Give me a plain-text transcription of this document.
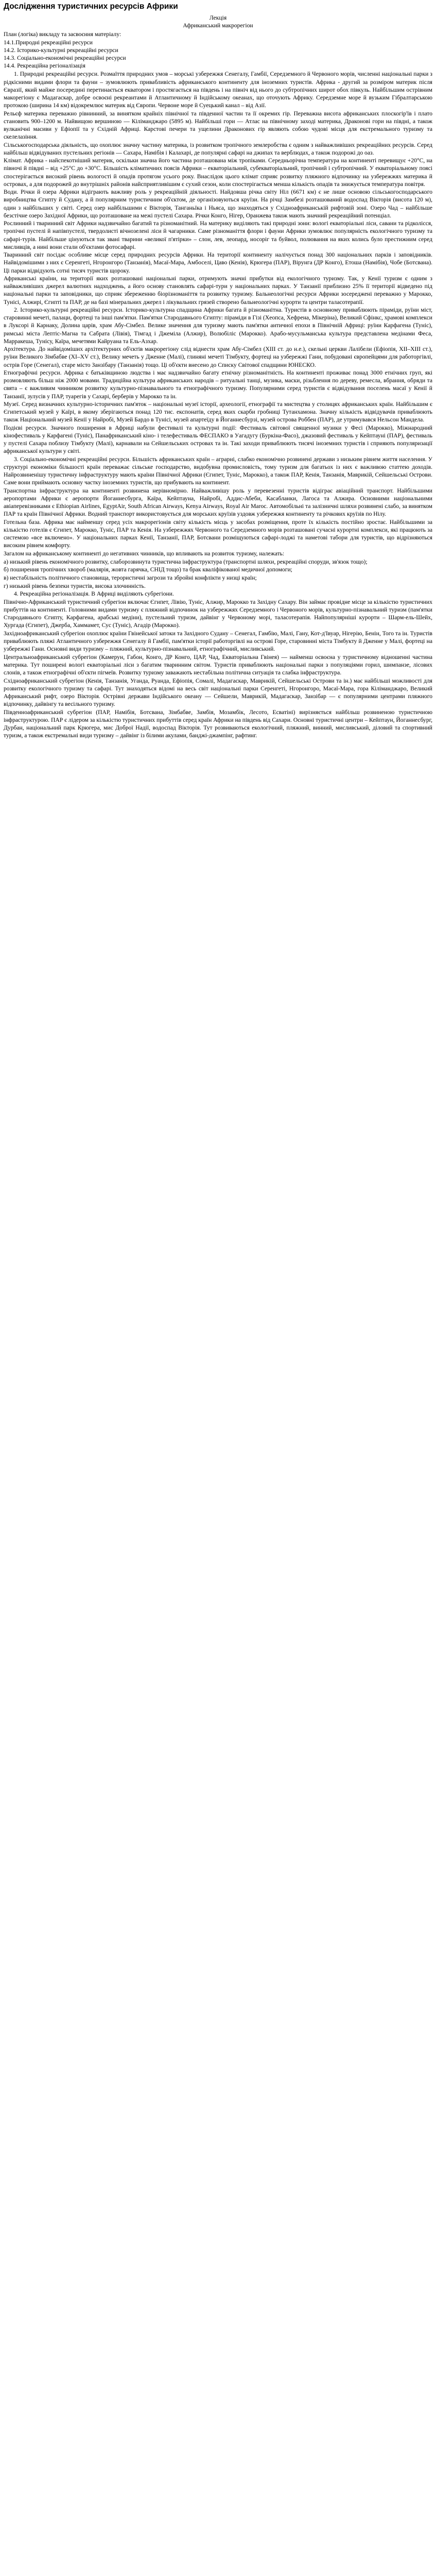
Дослідження туристичних ресурсів Африки

Лекція

Африканський макрорегіон

План (логіка) викладу та засвоєння матеріалу:

14.1.Природні рекреаційні ресурси
14.2. Історико-культурні рекреаційні ресурси
14.3. Соціально-економічні рекреаційні ресурси
14.4. Рекреаційна регіоналізація

1. Природні рекреаційні ресурси. Розмаїття природних умов – морські узбережжя Сенегалу, Гамбії, Середземного й Червоного морів, численні національні парки з рідкісними видами флори та фауни – зумовлюють привабливість африканського континенту для іноземних туристів. Африка - другий за розміром материк після Євразії, який майже посередині перетинається екватором і простягається на південь і на північ від нього до субтропічних широт обох півкуль. Найбільшим острівним макорегіону є Мадагаскар, добре освоєні рекреантами й Атлантичному й Індійському океанах, що оточують Африку. Середземне море й вузьким Гібралтарською протокою (ширина 14 км) відокремлює материк від Європи. Червоне море й Суецький канал – від Азії.

Рельєф материка переважно рівнинний, за винятком крайніх північної та південної частин та її окремих гір. Переважна висота африканських плоскогір'їв і плато становить 900–1200 м. Найвищою вершиною — Кіліманджаро (5895 м). Найбільші гори — Атлас на північному заході материка, Драконові гори на півдні, а також вулканічні масиви у Ефіопії та у Східній Африці. Карстові печери та ущелини Драконових гір являють собою чудові місця для екстремального туризму та скелелазіння.

Сільськогосподарська діяльність, що охоплює значну частину материка, із розвитком тропічного землеробства є одним з найважливіших рекреаційних ресурсів. Серед найбільш відвідуваних пустельних регіонів — Сахара, Намібія і Калахарі, де популярні сафарі на джипах та верблюдах, а також подорожі до оаз.

Клімат. Африка - найспекотніший материк, оскільки значна його частина розташована між тропіками. Середньорічна температура на континенті перевищує +20°С, на півночі й півдні – від +25°С до +30°С. Більшість кліматичних поясів Африки – екваторіальний, субекваторіальний, тропічний і субтропічний. У екваторіальному поясі спостерігається високий рівень вологості й опадів протягом усього року. Внаслідок цього клімат сприяє розвитку пляжного відпочинку на узбережжях материка й островах, а для подорожей до внутрішніх районів найсприятливішим є сухий сезон, коли спостерігається менша кількість опадів та знижується температура повітря.

Води. Річки й озера Африки відіграють важливу роль у рекреаційній діяльності. Найдовша річка світу Ніл (6671 км) є не лише основою сільськогосподарського виробництва Єгипту й Судану, а й популярним туристичним об'єктом, де організовуються круїзи. На річці Замбезі розташований водоспад Вікторія (висота 120 м), один з найбільших у світі. Серед озер найбільшими є Вікторія, Танганьїка і Ньяса, що знаходяться у Східноафриканській рифтовій зоні. Озеро Чад – найбільше безстічне озеро Західної Африки, що розташоване на межі пустелі Сахара. Річки Конго, Нігер, Оранжева також мають значний рекреаційний потенціал.

Рослинний і тваринний світ Африки надзвичайно багатий та різноманітний. На материку виділяють такі природні зони: вологі екваторіальні ліси, савани та рідколісся, тропічні пустелі й напівпустелі, твердолисті вічнозелені ліси й чагарники. Саме різноманіття флори і фауни Африки зумовлює популярність екологічного туризму та сафарі-турів. Найбільше цінуються так звані тварини «великої п'ятірки» – слон, лев, леопард, носоріг та буйвол, полювання на яких колись було престижним серед мисливців, а нині вони стали об'єктами фотосафарі.

Тваринний світ посідає особливе місце серед природних ресурсів Африки. На території континенту налічується понад 300 національних парків і заповідників. Найвідомішими з них є Серенгеті, Нгоронгоро (Танзанія), Масаї-Мара, Амбоселі, Цаво (Кенія), Крюгера (ПАР), Вірунга (ДР Конго), Етоша (Намібія), Чобе (Ботсвана). Ці парки відвідують сотні тисяч туристів щороку.

Африканські країни, на території яких розташовані національні парки, отримують значні прибутки від екологічного туризму. Так, у Кенії туризм є одним з найважливіших джерел валютних надходжень, а його основу становлять сафарі-тури у національних парках. У Танзанії приблизно 25% її території відведено під національні парки та заповідники, що сприяє збереженню біорізноманіття та розвитку туризму. Бальнеологічні ресурси Африки зосереджені переважно у Марокко, Тунісі, Алжирі, Єгипті та ПАР, де на базі мінеральних джерел і лікувальних грязей створено бальнеологічні курорти та центри таласотерапії.

2. Історико-культурні рекреаційні ресурси. Історико-культурна спадщина Африки багата й різноманітна. Туристів в основному приваблюють пірамiди, руїни міст, старовинні мечеті, палаци, фортеці та інші пам'ятки. Пам'ятки Стародавнього Єгипту: піраміди в Гізі (Хеопса, Хефрена, Мікеріна), Великий Сфінкс, храмові комплекси в Луксорі й Карнаку, Долина царів, храм Абу-Сімбел. Велике значення для туризму мають пам'ятки античної епохи в Північній Африці: руїни Карфагена (Туніс), римські міста Лептіс-Магна та Сабрата (Лівія), Тімгад і Джеміла (Алжир), Волюбіліс (Марокко). Арабо-мусульманська культура представлена медінами Феса, Марракеша, Тунісу, Каїра, мечетями Кайруана та Ель-Азхар.

Архітектура. До найвідоміших архітектурних об'єктів макрорегіону слід віднести храм Абу-Сімбел (ХІІІ ст. до н.е.), скельні церкви Лалібели (Ефіопія, ХІІ–ХІІІ ст.), руїни Великого Зімбабве (ХІ–XV ст.), Велику мечеть у Дженне (Малі), глиняні мечеті Тімбукту, фортеці на узбережжі Гани, побудовані європейцями для работоргівлі, острів Горе (Сенегал), старе місто Занзібару (Танзанія) тощо. Ці об'єкти внесено до Списку Світової спадщини ЮНЕСКО.

Етнографічні ресурси. Африка є батьківщиною людства і має надзвичайно багату етнічну різноманітність. На континенті проживає понад 3000 етнічних груп, які розмовляють більш ніж 2000 мовами. Традиційна культура африканських народів – ритуальні танці, музика, маски, різьблення по дереву, ремесла, вбрання, обряди та свята – є важливим чинником розвитку культурно-пізнавального та етнографічного туризму. Популярними серед туристів є відвідування поселень масаї у Кенії й Танзанії, зулусів у ПАР, туарегів у Сахарі, берберів у Марокко та ін.

Музеї. Серед визначних культурно-історичних пам'яток – національні музеї історії, археології, етнографії та мистецтва у столицях африканських країн. Найбільшим є Єгипетський музей у Каїрі, в якому зберігаються понад 120 тис. експонатів, серед яких скарби гробниці Тутанхамона. Значну кількість відвідувачів приваблюють також Національний музей Кенії у Найробі, Музей Бардо в Тунісі, музей апартеїду в Йоганнесбурзі, музей острова Роббен (ПАР), де утримувався Нельсон Мандела.

Подієві ресурси. Значного поширення в Африці набули фестивалі та культурні події: Фестиваль світової священної музики у Фесі (Марокко), Міжнародний кінофестиваль у Карфагені (Туніс), Панафриканський кіно- і телефестиваль ФЕСПАКО в Уагадугу (Буркіна-Фасо), джазовий фестиваль у Кейптауні (ПАР), фестиваль у пустелі Сахара поблизу Тімбукту (Малі), карнавали на Сейшельських островах та ін. Такі заходи приваблюють тисячі іноземних туристів і сприяють популяризації африканської культури у світі.

3. Соціально-економічні рекреаційні ресурси. Більшість африканських країн – аграрні, слабко економічно розвинені держави з низьким рівнем життя населення. У структурі економіки більшості країн переважає сільське господарство, видобувна промисловість, тому туризм для багатьох із них є важливою статтею доходів. Найрозвиненішу туристичну інфраструктуру мають країни Північної Африки (Єгипет, Туніс, Марокко), а також ПАР, Кенія, Танзанія, Маврикій, Сейшельські Острови. Саме вони приймають основну частку іноземних туристів, що прибувають на континент.

Транспортна інфраструктура на континенті розвинена нерівномірно. Найважливішу роль у перевезенні туристів відіграє авіаційний транспорт. Найбільшими аеропортами Африки є аеропорти Йоганнесбурга, Каїра, Кейптауна, Найробі, Аддис-Абеби, Касабланки, Лагоса та Алжира. Основними національними авіаперевізниками є Ethiopian Airlines, EgyptAir, South African Airways, Kenya Airways, Royal Air Maroc. Автомобільні та залізничні шляхи розвинені слабо, за винятком ПАР та країн Північної Африки. Водний транспорт використовується для морських круїзів уздовж узбережжя континенту та річкових круїзів по Нілу.

Готельна база. Африка має найменшу серед усіх макрорегіонів світу кількість місць у засобах розміщення, проте їх кількість постійно зростає. Найбільшими за кількістю готелів є Єгипет, Марокко, Туніс, ПАР та Кенія. На узбережжях Червоного та Середземного морів розташовані сучасні курортні комплекси, які працюють за системою «все включено». У національних парках Кенії, Танзанії, ПАР, Ботсвани розміщуються сафарі-лоджі та наметові табори для туристів, що відрізняються високим рівнем комфорту.

Загалом на африканському континенті до негативних чинників, що впливають на розвиток туризму, належать:

а) низький рівень економічного розвитку, слаборозвинута туристична інфраструктура (транспортні шляхи, рекреаційні споруди, зв'язок тощо);

б) поширення тропічних хвороб (малярія, жовта гарячка, СНІД тощо) та брак кваліфікованої медичної допомоги;

в) нестабільність політичного становища, терористичні загрози та збройні конфлікти у низці країн;

г) низький рівень безпеки туристів, висока злочинність.

4. Рекреаційна регіоналізація. В Африці виділяють субрегіони.

Північно-Африканський туристичний субрегіон включає Єгипет, Лівію, Туніс, Алжир, Марокко та Західну Сахару. Він займає провідне місце за кількістю туристичних прибуттів на континенті. Головними видами туризму є пляжний відпочинок на узбережжях Середземного і Червоного морів, культурно-пізнавальний туризм (пам'ятки Стародавнього Єгипту, Карфагена, арабські медіни), пустельний туризм, дайвінг у Червоному морі, таласотерапія. Найпопулярніші курорти – Шарм-ель-Шейх, Хургада (Єгипет), Джерба, Хаммамет, Сус (Туніс), Агадір (Марокко).

Західноафриканський субрегіон охоплює країни Гвінейської затоки та Західного Судану – Сенегал, Гамбію, Малі, Гану, Кот-д'Івуар, Нігерію, Бенін, Того та ін. Туристів приваблюють пляжі Атлантичного узбережжя Сенегалу й Гамбії, пам'ятки історії работоргівлі на острові Горе, старовинні міста Тімбукту й Дженне у Малі, фортеці на узбережжі Гани. Основні види туризму – пляжний, культурно-пізнавальний, етнографічний, мисливський.

Центральноафриканський субрегіон (Камерун, Габон, Конго, ДР Конго, ЦАР, Чад, Екваторіальна Гвінея) — найменш освоєна у туристичному відношенні частина материка. Тут поширені вологі екваторіальні ліси з багатим тваринним світом. Туристів приваблюють національні парки з популяціями горил, шимпанзе, лісових слонів, а також етнографічні об'єкти пігмеїв. Розвитку туризму заважають нестабільна політична ситуація та слабка інфраструктура.

Східноафриканський субрегіон (Кенія, Танзанія, Уганда, Руанда, Ефіопія, Сомалі, Мадагаскар, Маврикій, Сейшельські Острови та ін.) має найбільші можливості для розвитку екологічного туризму та сафарі. Тут знаходяться відомі на весь світ національні парки Серенгеті, Нгоронгоро, Масаї-Мара, гора Кіліманджаро, Великий Африканський рифт, озеро Вікторія. Острівні держави Індійського океану — Сейшели, Маврикій, Мадагаскар, Занзібар — є популярними центрами пляжного відпочинку, дайвінгу та весільного туризму.

Південноафриканський субрегіон (ПАР, Намібія, Ботсвана, Зімбабве, Замбія, Мозамбік, Лесото, Есватіні) вирізняється найбільш розвиненою туристичною інфраструктурою. ПАР є лідером за кількістю туристичних прибуттів серед країн Африки на південь від Сахари. Основні туристичні центри – Кейптаун, Йоганнесбург, Дурбан, національний парк Крюгера, мис Доброї Надії, водоспад Вікторія. Тут розвиваються екологічний, пляжний, винний, мисливський, діловий та спортивний туризм, а також екстремальні види туризму – дайвінг із білими акулами, банджі-джампінг, рафтинг.
